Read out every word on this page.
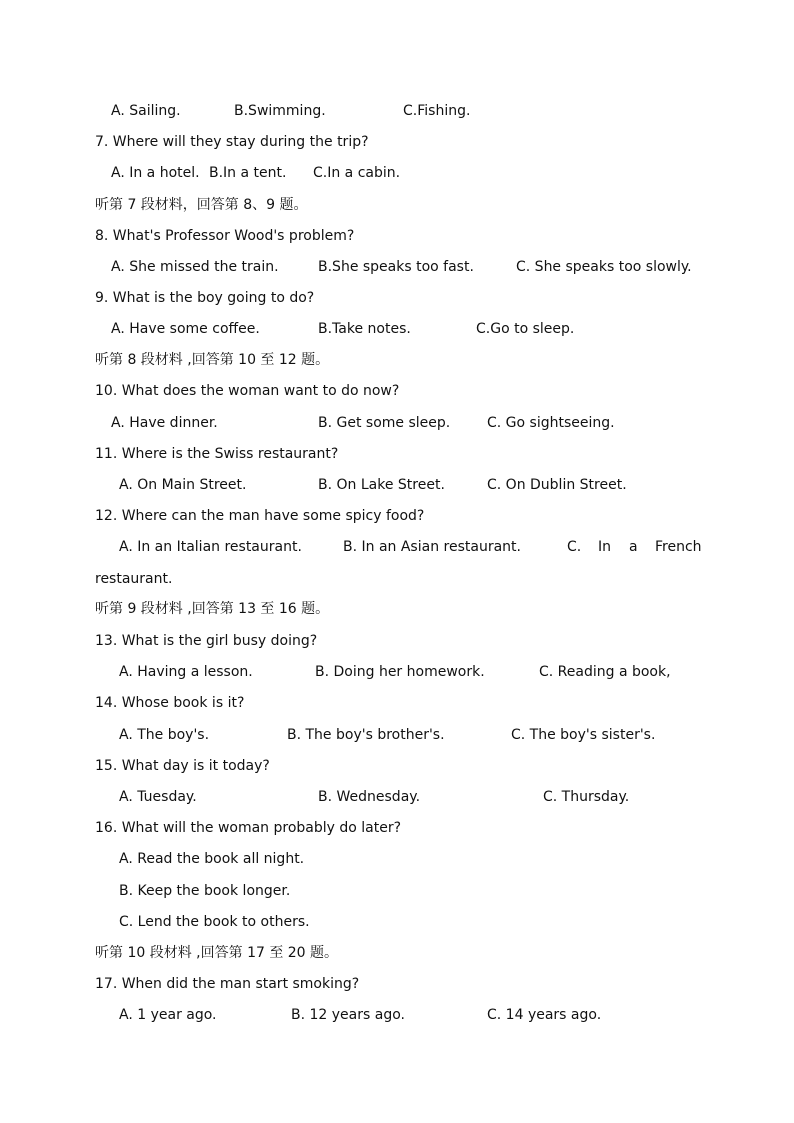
A. Sailing.	B.Swimming.	C.Fishing.
7. Where will they stay during the trip?
A. In a hotel. B.In a tent. C.In a cabin.
听第 7 段材料，回答第 8、9 题。
8. What's Professor Wood's problem?
A. She missed the train.	B.She speaks too fast.	C. She speaks too slowly.
9. What is the boy going to do?
A. Have some coffee.	B.Take notes.	C.Go to sleep.
听第 8 段材料 ,回答第 10 至 12 题。
10. What does the woman want to do now?
A. Have dinner.	B. Get some sleep.	C. Go sightseeing.
11. Where is the Swiss restaurant?
A. On Main Street.	B. On Lake Street.	C. On Dublin Street.
12. Where can the man have some spicy food?
A. In an Italian restaurant.	B. In an Asian restaurant.	C. In a French
restaurant.
听第 9 段材料 ,回答第 13 至 16 题。
13. What is the girl busy doing?
A. Having a lesson.	B. Doing her homework.	C. Reading a book,
14. Whose book is it?
A. The boy's.	B. The boy's brother's.	C. The boy's sister's.
15. What day is it today?
A. Tuesday.	B. Wednesday.	C. Thursday.
16. What will the woman probably do later?
A. Read the book all night.
B. Keep the book longer.
C. Lend the book to others.
听第 10 段材料 ,回答第 17 至 20 题。
17. When did the man start smoking?
A. 1 year ago.	B. 12 years ago.	C. 14 years ago.
